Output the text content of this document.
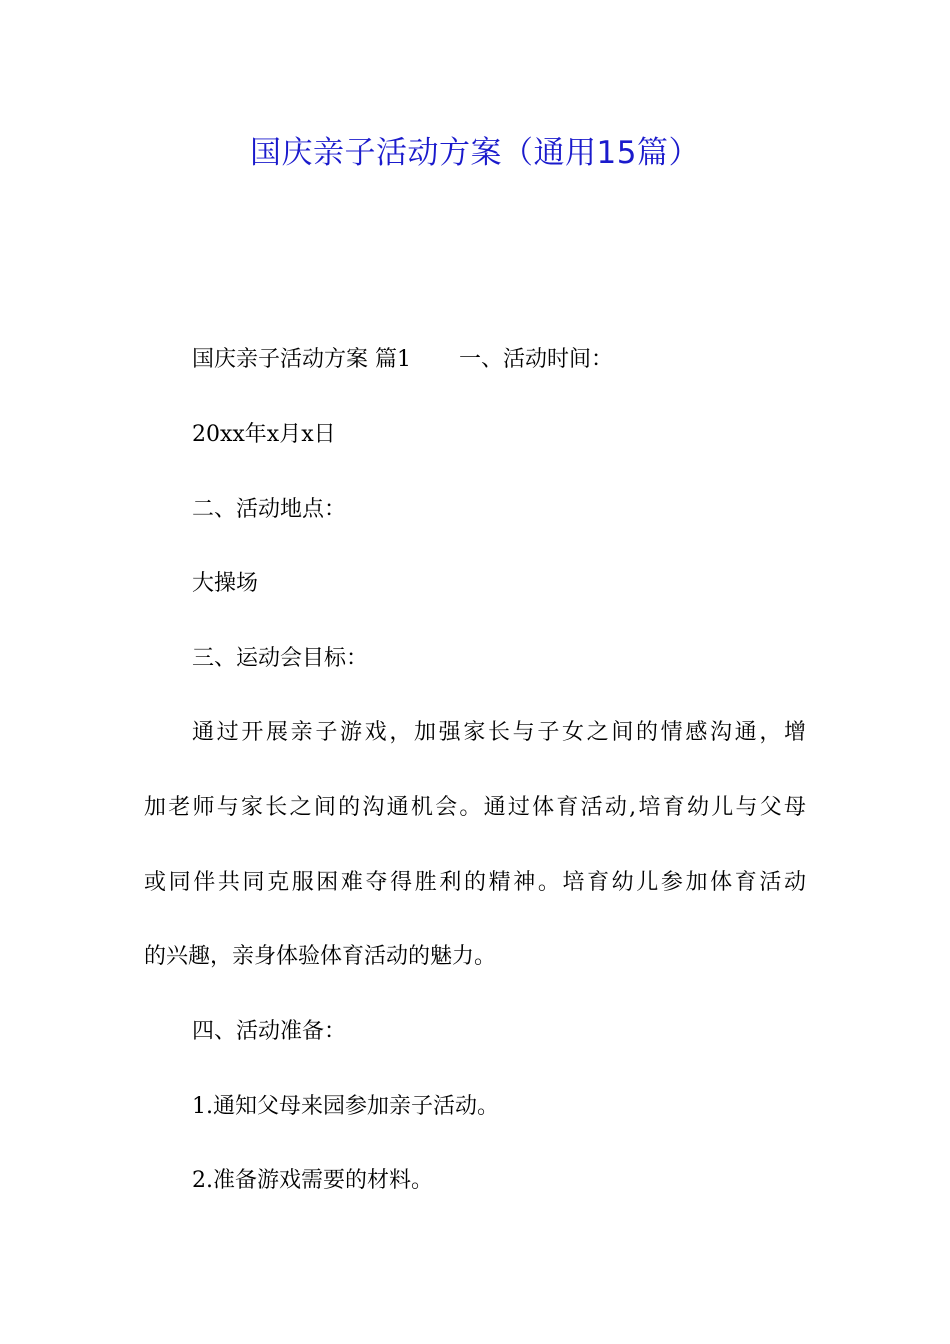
国庆亲子活动方案（通用15篇）

国庆亲子活动方案 篇1 一、活动时间：

20xx年x月x日

二、活动地点：

大操场

三、运动会目标：

通过开展亲子游戏，加强家长与子女之间的情感沟通，增

加老师与家长之间的沟通机会。通过体育活动,培育幼儿与父母

或同伴共同克服困难夺得胜利的精神。培育幼儿参加体育活动

的兴趣，亲身体验体育活动的魅力。

四、活动准备：

1.通知父母来园参加亲子活动。

2.准备游戏需要的材料。
